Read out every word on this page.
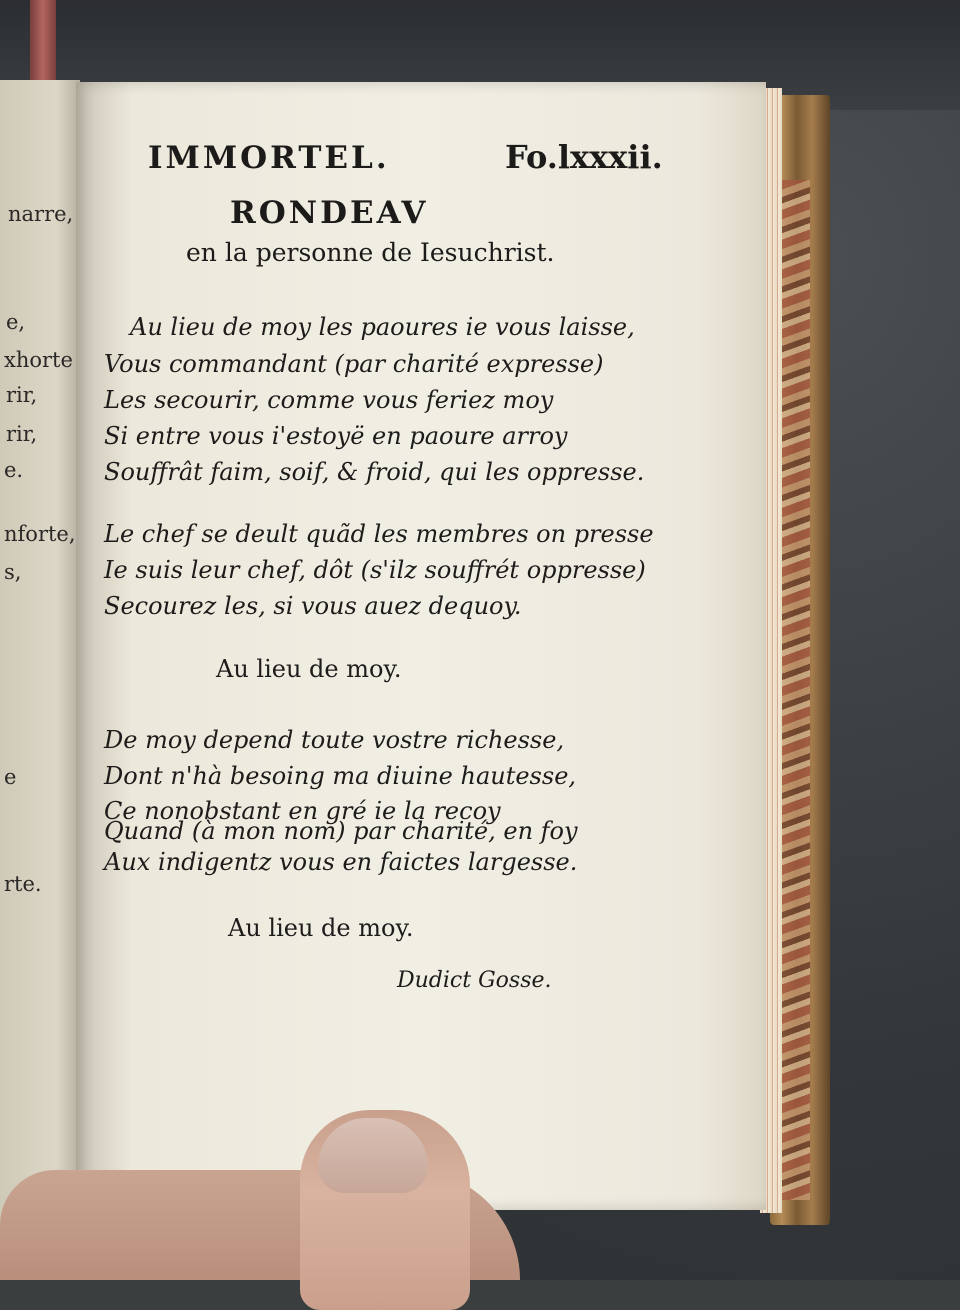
narre,
e,
xhorte
rir,
rir,
e.
nforte,
s,
e
rte.
IMMORTEL.	Fo.lxxxii.
RONDEAV
en la personne de Iesuchrist.
Au lieu de moy les paoures ie vous laisse,
Vous commandant (par charité expresse)
Les secourir, comme vous feriez moy
Si entre vous i'estoyë en paoure arroy
Souffrât faim, soif, & froid, qui les oppresse.
Le chef se deult quãd les membres on presse
Ie suis leur chef, dôt (s'ilz souffrét oppresse)
Secourez les, si vous auez dequoy.
Au lieu de moy.
De moy depend toute vostre richesse,
Dont n'hà besoing ma diuine hautesse,
Ce nonobstant en gré ie la recoy
Quand (à mon nom) par charité, en foy
Aux indigentz vous en faictes largesse.
Au lieu de moy.
Dudict Gosse.
